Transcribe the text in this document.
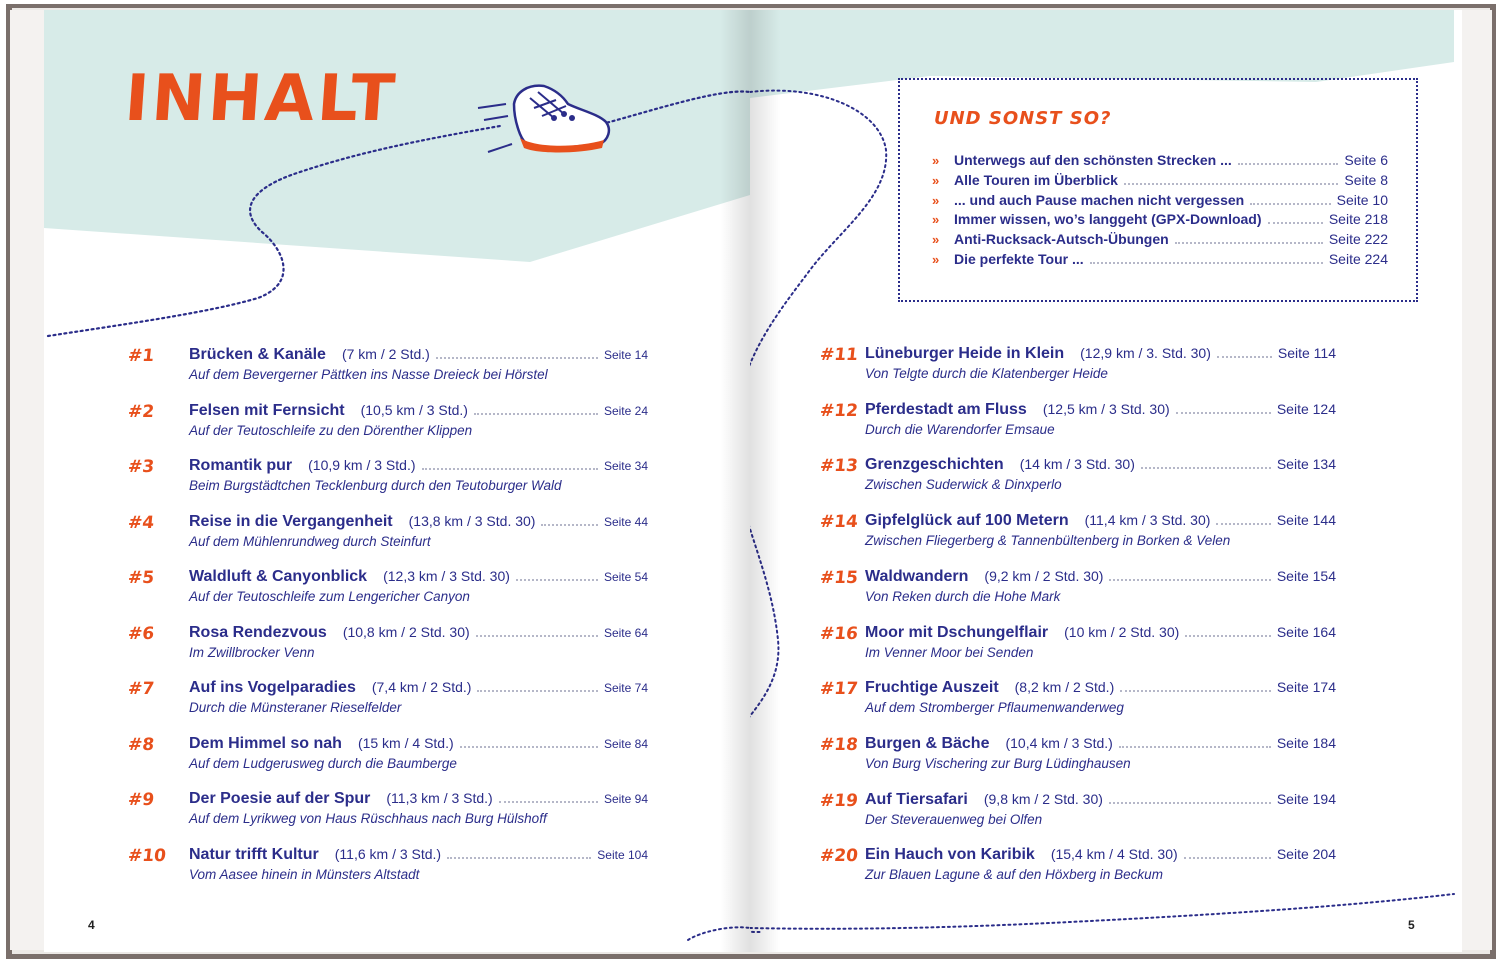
INHALT
#1 Brücken & Kanäle (7 km / 2 Std.)	Seite 14
Auf dem Bevergerner Pättken ins Nasse Dreieck bei Hörstel
#2 Felsen mit Fernsicht (10,5 km / 3 Std.)	Seite 24
Auf der Teutoschleife zu den Dörenther Klippen
#3 Romantik pur (10,9 km / 3 Std.)	Seite 34
Beim Burgstädtchen Tecklenburg durch den Teutoburger Wald
#4 Reise in die Vergangenheit (13,8 km / 3 Std. 30)	Seite 44
Auf dem Mühlenrundweg durch Steinfurt
#5 Waldluft & Canyonblick (12,3 km / 3 Std. 30)	Seite 54
Auf der Teutoschleife zum Lengericher Canyon
#6 Rosa Rendezvous (10,8 km / 2 Std. 30)	Seite 64
Im Zwillbrocker Venn
#7 Auf ins Vogelparadies (7,4 km / 2 Std.)	Seite 74
Durch die Münsteraner Rieselfelder
#8 Dem Himmel so nah (15 km / 4 Std.)	Seite 84
Auf dem Ludgerusweg durch die Baumberge
#9 Der Poesie auf der Spur (11,3 km / 3 Std.)	Seite 94
Auf dem Lyrikweg von Haus Rüschhaus nach Burg Hülshoff
#10 Natur trifft Kultur (11,6 km / 3 Std.)	Seite 104
Vom Aasee hinein in Münsters Altstadt
4
UND SONST SO?
»	Unterwegs auf den schönsten Strecken ...	Seite 6
»	Alle Touren im Überblick	Seite 8
»	... und auch Pause machen nicht vergessen	Seite 10
»	Immer wissen, wo’s langgeht (GPX-Download)	Seite 218
»	Anti-Rucksack-Autsch-Übungen	Seite 222
»	Die perfekte Tour ...	Seite 224
#11 Lüneburger Heide in Klein (12,9 km / 3. Std. 30)	Seite 114
Von Telgte durch die Klatenberger Heide
#12 Pferdestadt am Fluss (12,5 km / 3 Std. 30)	Seite 124
Durch die Warendorfer Emsaue
#13 Grenzgeschichten (14 km / 3 Std. 30)	Seite 134
Zwischen Suderwick & Dinxperlo
#14 Gipfelglück auf 100 Metern (11,4 km / 3 Std. 30)	Seite 144
Zwischen Fliegerberg & Tannenbültenberg in Borken & Velen
#15 Waldwandern (9,2 km / 2 Std. 30)	Seite 154
Von Reken durch die Hohe Mark
#16 Moor mit Dschungelflair (10 km / 2 Std. 30)	Seite 164
Im Venner Moor bei Senden
#17 Fruchtige Auszeit (8,2 km / 2 Std.)	Seite 174
Auf dem Stromberger Pflaumenwanderweg
#18 Burgen & Bäche (10,4 km / 3 Std.)	Seite 184
Von Burg Vischering zur Burg Lüdinghausen
#19 Auf Tiersafari (9,8 km / 2 Std. 30)	Seite 194
Der Steverauenweg bei Olfen
#20 Ein Hauch von Karibik (15,4 km / 4 Std. 30)	Seite 204
Zur Blauen Lagune & auf den Höxberg in Beckum
5
